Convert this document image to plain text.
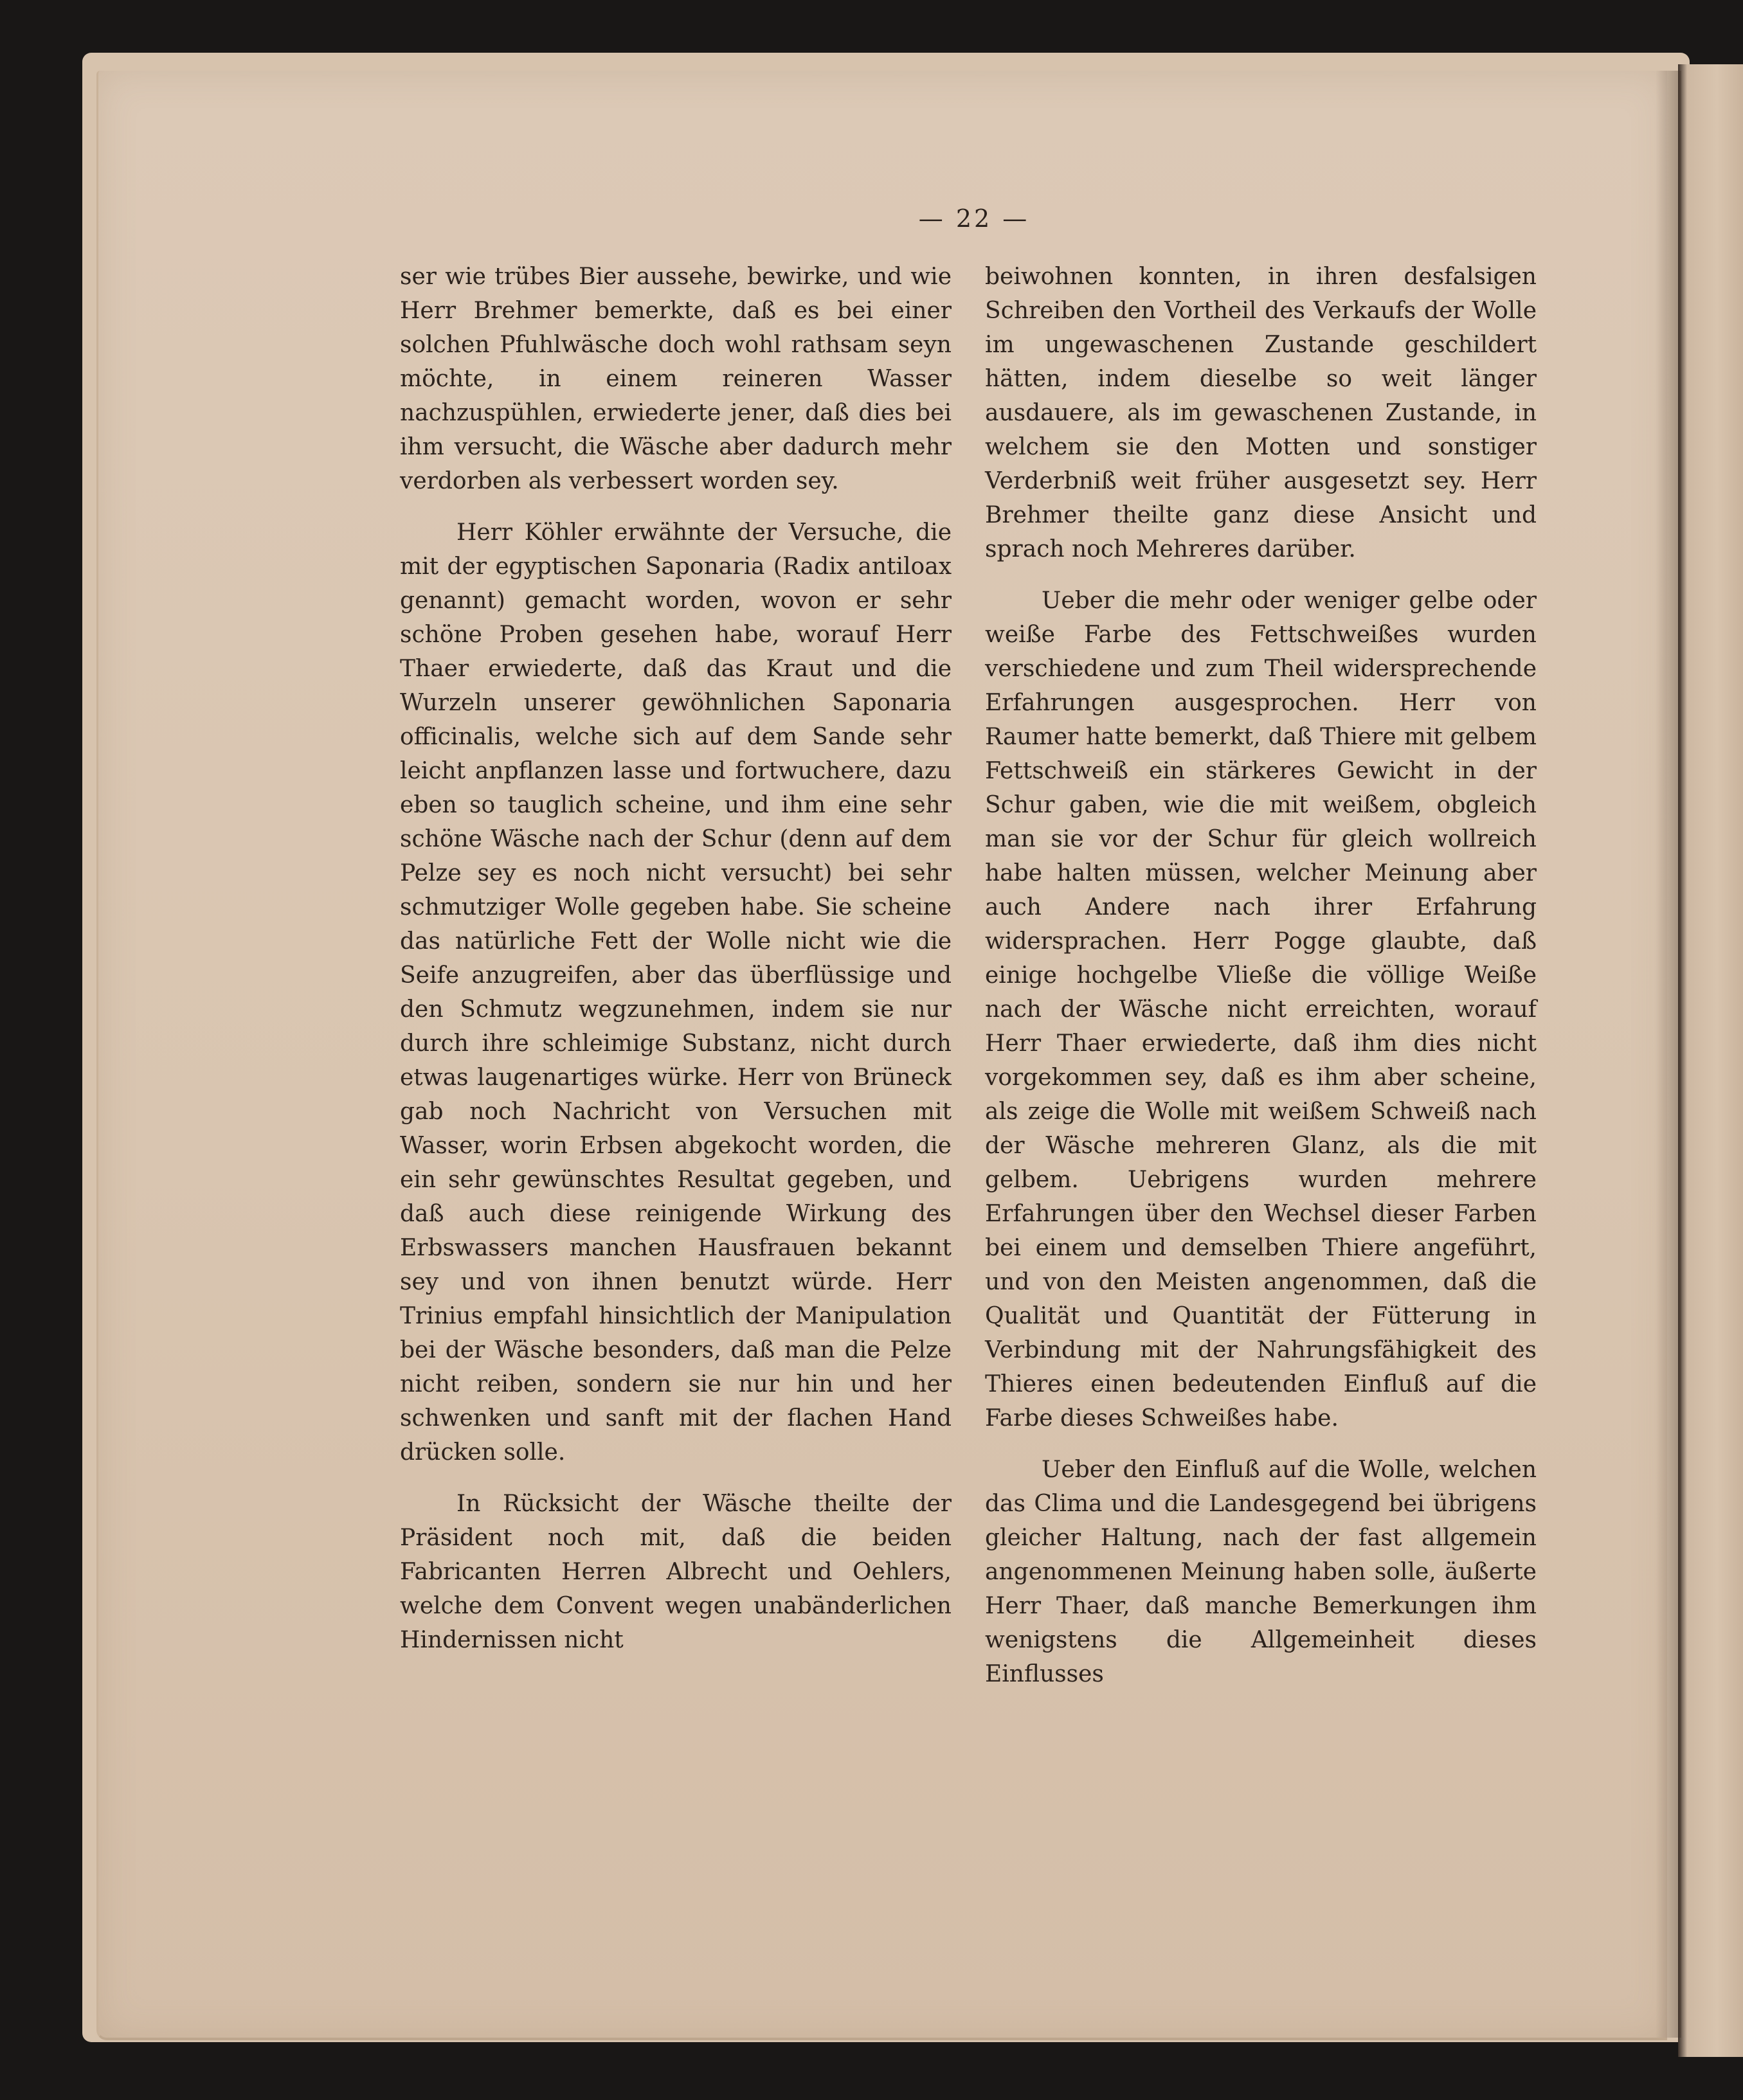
— 22 —

ser wie trübes Bier aussehe, bewirke, und wie Herr Brehmer bemerkte, daß es bei einer solchen Pfuhlwäsche doch wohl rathsam seyn möchte, in einem reineren Wasser nachzuspühlen, erwiederte jener, daß dies bei ihm versucht, die Wäsche aber dadurch mehr verdorben als verbessert worden sey.

Herr Köhler erwähnte der Versuche, die mit der egyptischen Saponaria (Radix antiloax genannt) gemacht worden, wovon er sehr schöne Proben gesehen habe, worauf Herr Thaer erwiederte, daß das Kraut und die Wurzeln unserer gewöhnlichen Saponaria officinalis, welche sich auf dem Sande sehr leicht anpflanzen lasse und fortwuchere, dazu eben so tauglich scheine, und ihm eine sehr schöne Wäsche nach der Schur (denn auf dem Pelze sey es noch nicht versucht) bei sehr schmutziger Wolle gegeben habe. Sie scheine das natürliche Fett der Wolle nicht wie die Seife anzugreifen, aber das überflüssige und den Schmutz wegzunehmen, indem sie nur durch ihre schleimige Substanz, nicht durch etwas laugenartiges würke. Herr von Brüneck gab noch Nachricht von Versuchen mit Wasser, worin Erbsen abgekocht worden, die ein sehr gewünschtes Resultat gegeben, und daß auch diese reinigende Wirkung des Erbswassers manchen Hausfrauen bekannt sey und von ihnen benutzt würde. Herr Trinius empfahl hinsichtlich der Manipulation bei der Wäsche besonders, daß man die Pelze nicht reiben, sondern sie nur hin und her schwenken und sanft mit der flachen Hand drücken solle.

In Rücksicht der Wäsche theilte der Präsident noch mit, daß die beiden Fabricanten Herren Albrecht und Oehlers, welche dem Convent wegen unabänderlichen Hindernissen nicht

beiwohnen konnten, in ihren desfalsigen Schreiben den Vortheil des Verkaufs der Wolle im ungewaschenen Zustande geschildert hätten, indem dieselbe so weit länger ausdauere, als im gewaschenen Zustande, in welchem sie den Motten und sonstiger Verderbniß weit früher ausgesetzt sey. Herr Brehmer theilte ganz diese Ansicht und sprach noch Mehreres darüber.

Ueber die mehr oder weniger gelbe oder weiße Farbe des Fettschweißes wurden verschiedene und zum Theil widersprechende Erfahrungen ausgesprochen. Herr von Raumer hatte bemerkt, daß Thiere mit gelbem Fettschweiß ein stärkeres Gewicht in der Schur gaben, wie die mit weißem, obgleich man sie vor der Schur für gleich wollreich habe halten müssen, welcher Meinung aber auch Andere nach ihrer Erfahrung widersprachen. Herr Pogge glaubte, daß einige hochgelbe Vließe die völlige Weiße nach der Wäsche nicht erreichten, worauf Herr Thaer erwiederte, daß ihm dies nicht vorgekommen sey, daß es ihm aber scheine, als zeige die Wolle mit weißem Schweiß nach der Wäsche mehreren Glanz, als die mit gelbem. Uebrigens wurden mehrere Erfahrungen über den Wechsel dieser Farben bei einem und demselben Thiere angeführt, und von den Meisten angenommen, daß die Qualität und Quantität der Fütterung in Verbindung mit der Nahrungsfähigkeit des Thieres einen bedeutenden Einfluß auf die Farbe dieses Schweißes habe.

Ueber den Einfluß auf die Wolle, welchen das Clima und die Landesgegend bei übrigens gleicher Haltung, nach der fast allgemein angenommenen Meinung haben solle, äußerte Herr Thaer, daß manche Bemerkungen ihm wenigstens die Allgemeinheit dieses Einflusses
